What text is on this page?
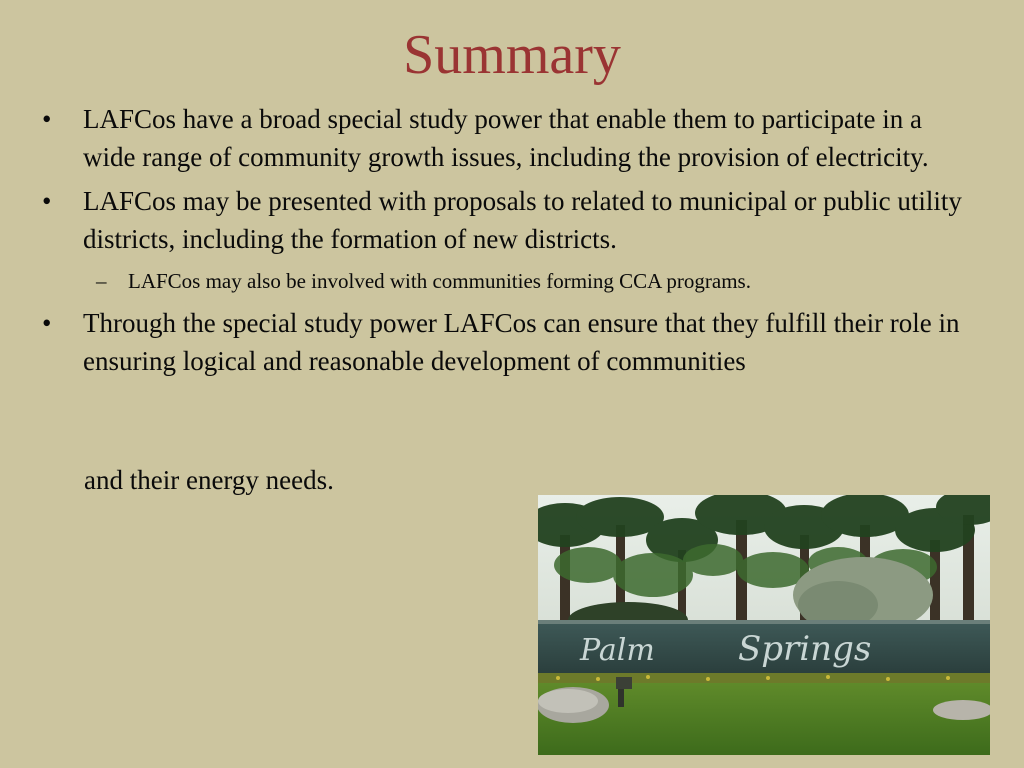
Summary
• LAFCos have a broad special study power that enable them to participate in a wide range of community growth issues, including the provision of electricity.
• LAFCos may be presented with proposals to related to municipal or public utility districts, including the formation of new districts.
– LAFCos may also be involved with communities forming CCA programs.
• Through the special study power LAFCos can ensure that they fulfill their role in ensuring logical and reasonable development of communities
and their energy needs.
Palm Springs
